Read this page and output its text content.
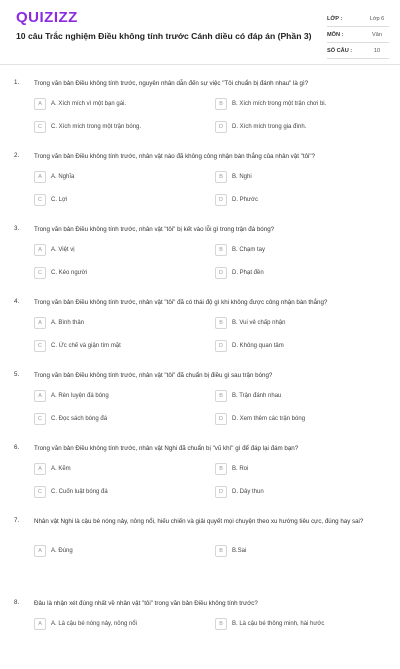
QUIZIZZ
10 câu Trắc nghiệm Điều không tính trước Cánh diều có đáp án (Phần 3)
LỚP :	Lớp 6
MÔN :	Văn
SỐ CÂU :	10
1. Trong văn bản Điều không tính trước, nguyên nhân dẫn đến sự việc "Tôi chuẩn bị đánh nhau" là gì?
A	A. Xích mích vì một bạn gái.	B	B. Xích mích trong một trận chơi bi.
C	C. Xích mích trong một trận bóng.	D	D. Xích mích trong gia đình.
2. Trong văn bản Điều không tính trước, nhân vật nào đã không công nhận bàn thắng của nhân vật "tôi"?
A	A. Nghĩa	B	B. Nghi
C	C. Lợi	D	D. Phước
3. Trong văn bản Điều không tính trước, nhân vật "tôi" bị kết vào lỗi gì trong trận đá bóng?
A	A. Việt vị	B	B. Chạm tay
C	C. Kéo người	D	D. Phạt đền
4. Trong văn bản Điều không tính trước, nhân vật "tôi" đã có thái độ gì khi không được công nhận bàn thắng?
A	A. Bình thản	B	B. Vui vẻ chấp nhận
C	C. Ức chế và giận tím mặt	D	D. Không quan tâm
5. Trong văn bản Điều không tính trước, nhân vật "tôi" đã chuẩn bị điều gì sau trận bóng?
A	A. Rèn luyện đá bóng	B	B. Trận đánh nhau
C	C. Đọc sách bóng đá	D	D. Xem thêm các trận bóng
6. Trong văn bản Điều không tính trước, nhân vật Nghi đã chuẩn bị "vũ khí" gì để đáp lại đám bạn?
A	A. Kẽm	B	B. Roi
C	C. Cuốn luật bóng đá	D	D. Dây thun
7. Nhân vật Nghi là cậu bé nóng nảy, nông nổi, hiếu chiến và giải quyết mọi chuyện theo xu hướng tiêu cực, đúng hay sai?
A	A. Đúng	B	B.Sai
8. Đâu là nhận xét đúng nhất về nhân vật "tôi" trong văn bản Điều không tính trước?
A	A. Là cậu bé nóng nảy, nông nổi	B	B. Là cậu bé thông minh, hài hước
